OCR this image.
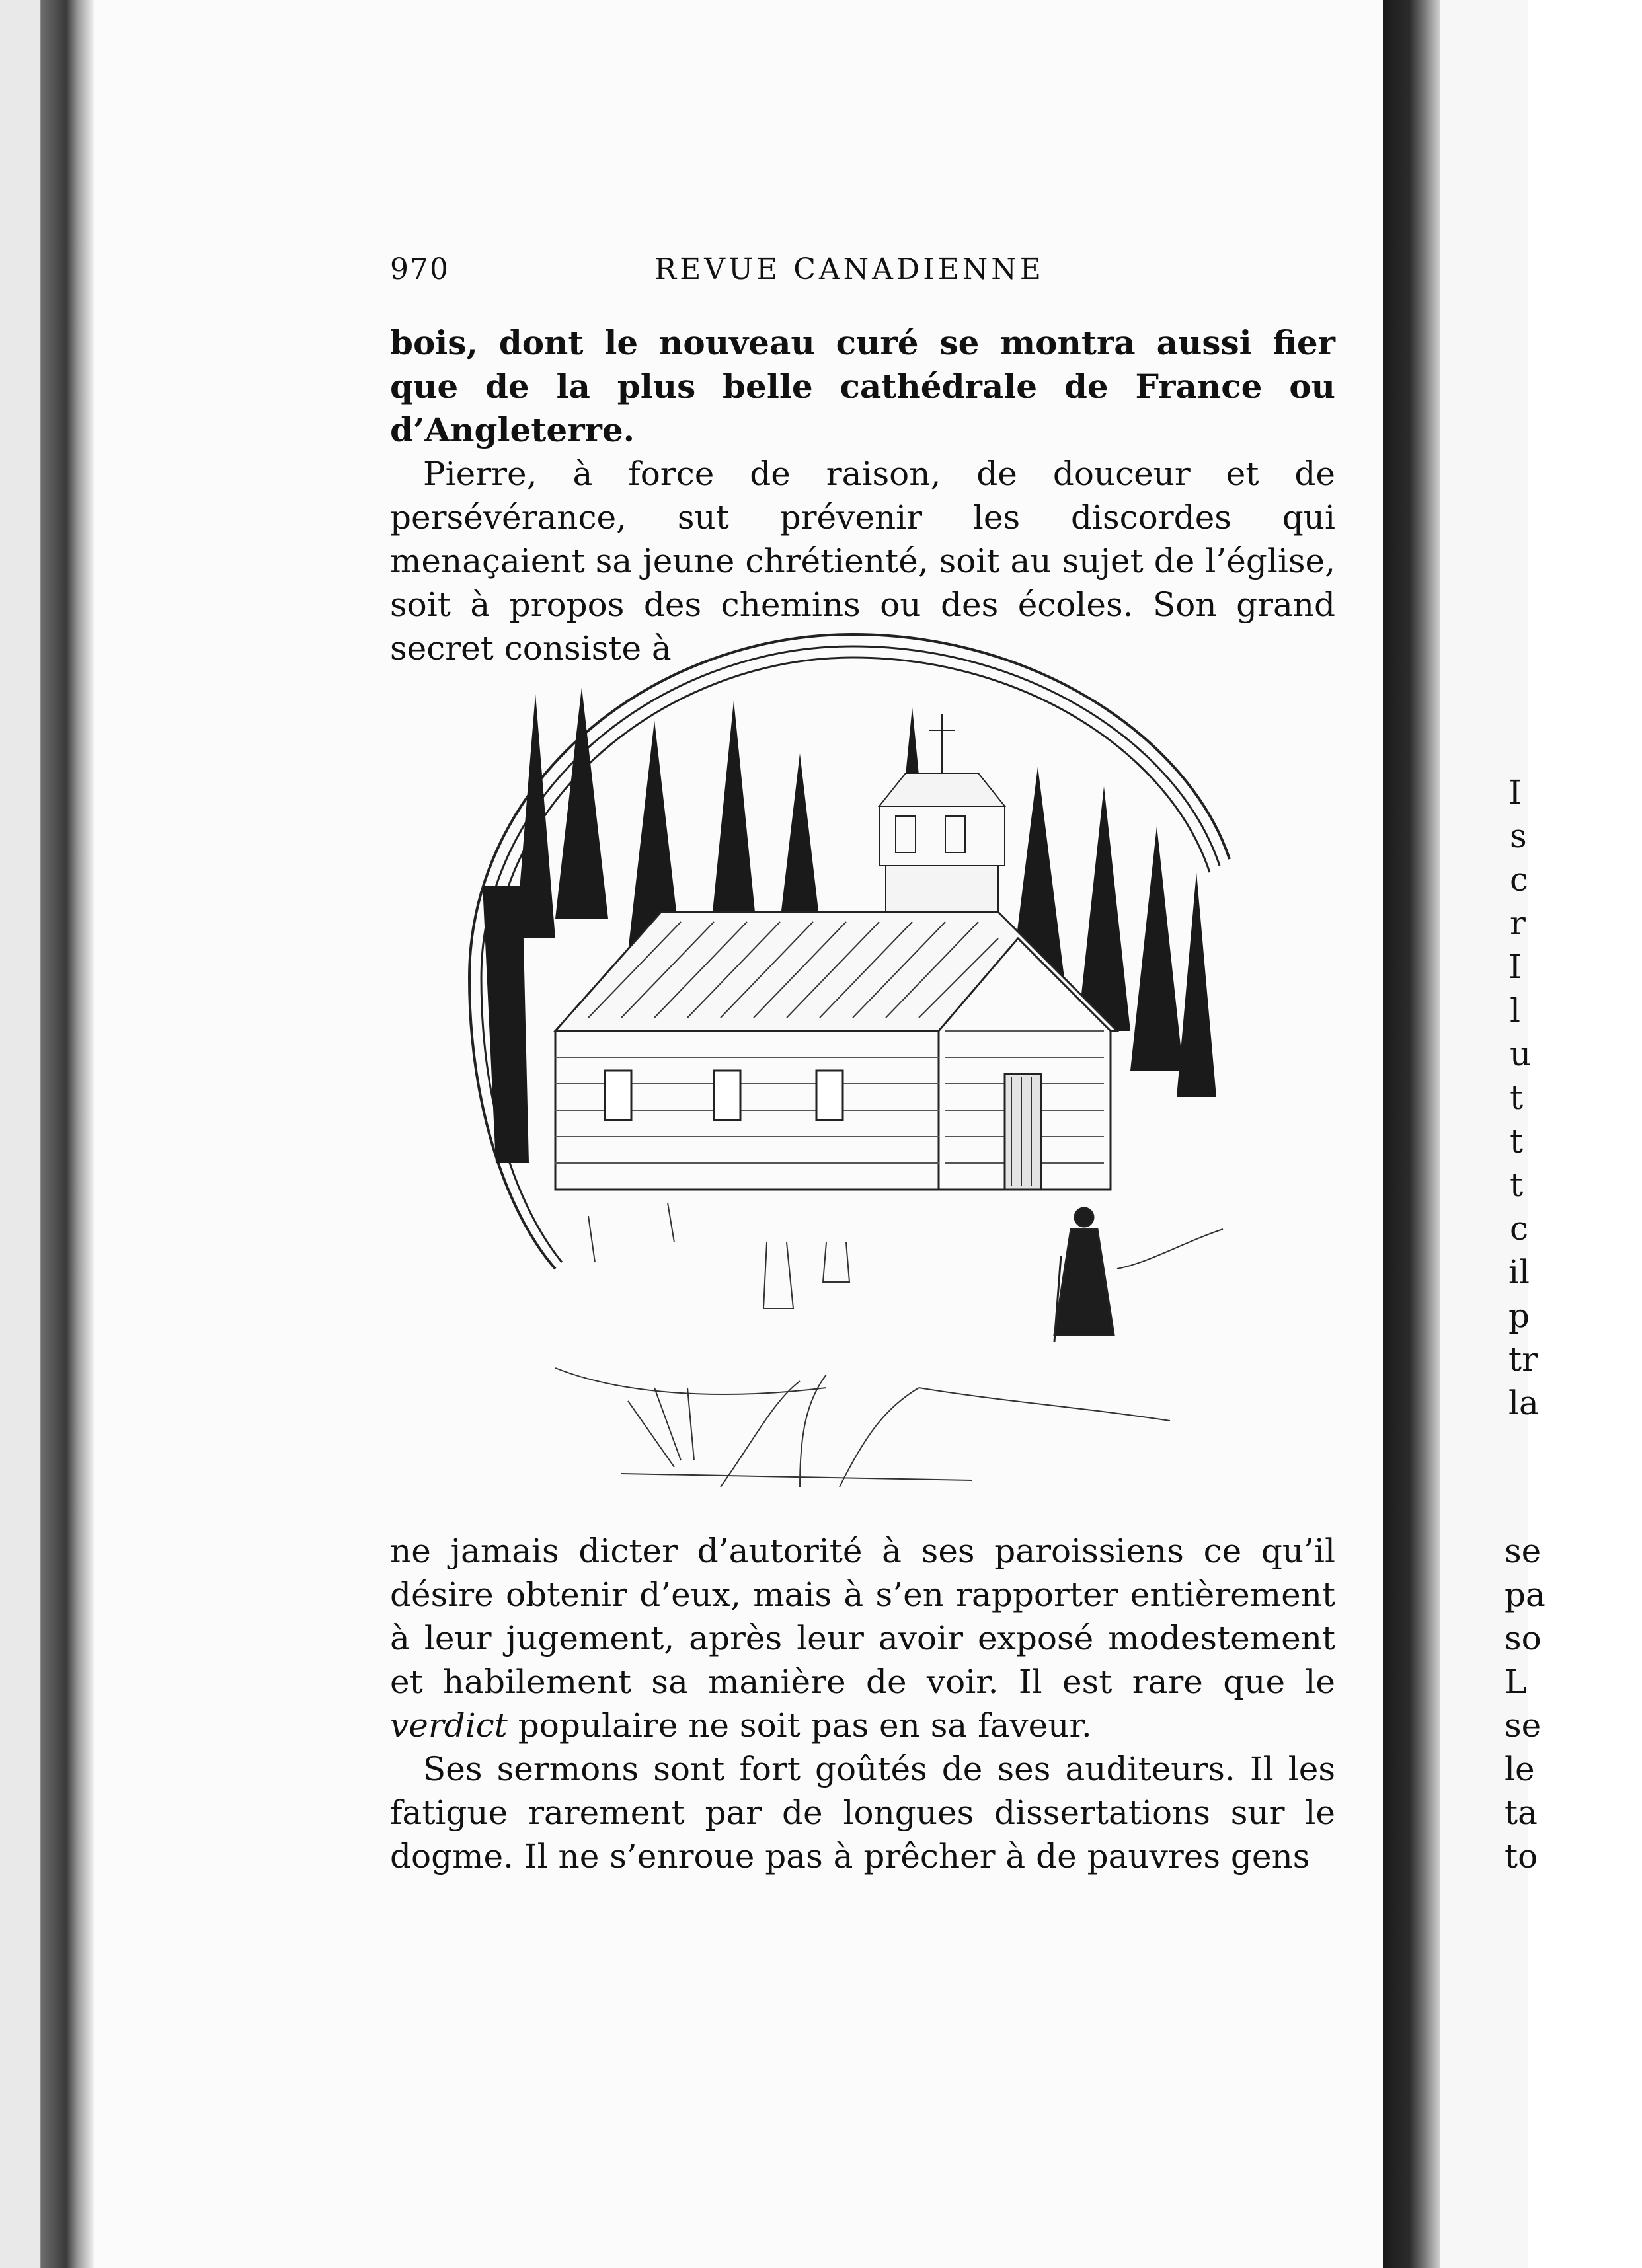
970	REVUE CANADIENNE

bois, dont le nouveau curé se montra aussi fier que de la plus belle cathédrale de France ou d’Angleterre.

Pierre, à force de raison, de douceur et de persévérance, sut prévenir les discordes qui menaçaient sa jeune chrétienté, soit au sujet de l’église, soit à propos des chemins ou des écoles. Son grand secret consiste à

ne jamais dicter d’autorité à ses paroissiens ce qu’il désire obtenir d’eux, mais à s’en rapporter entièrement à leur jugement, après leur avoir exposé modestement et habilement sa manière de voir. Il est rare que le verdict populaire ne soit pas en sa faveur.

Ses sermons sont fort goûtés de ses auditeurs. Il les fatigue rarement par de longues dissertations sur le dogme. Il ne s’enroue pas à prêcher à de pauvres gens

I
s
c
r
I
l
u
t
t
t
c
il
p
tr
la
se
pa
so
L
se
le
ta
to
